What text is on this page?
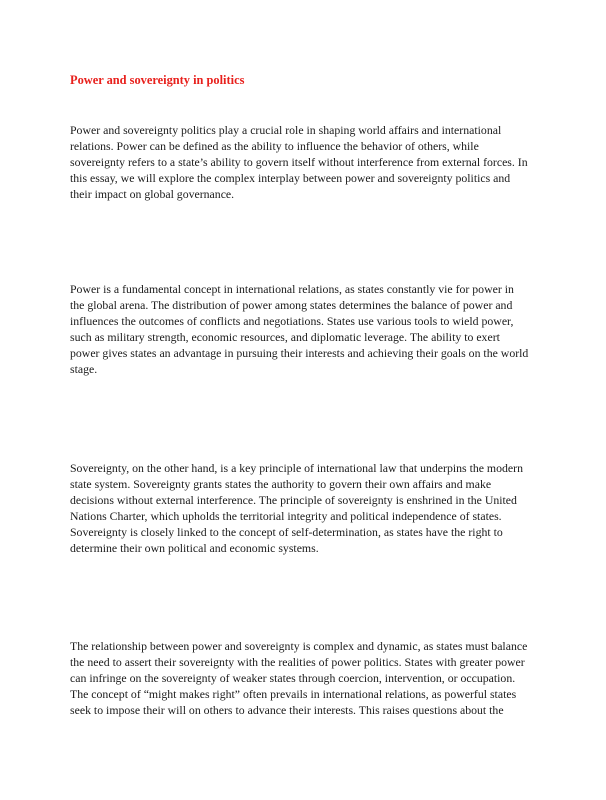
Power and sovereignty in politics

Power and sovereignty politics play a crucial role in shaping world affairs and international
relations. Power can be defined as the ability to influence the behavior of others, while
sovereignty refers to a state’s ability to govern itself without interference from external forces. In
this essay, we will explore the complex interplay between power and sovereignty politics and
their impact on global governance.

Power is a fundamental concept in international relations, as states constantly vie for power in
the global arena. The distribution of power among states determines the balance of power and
influences the outcomes of conflicts and negotiations. States use various tools to wield power,
such as military strength, economic resources, and diplomatic leverage. The ability to exert
power gives states an advantage in pursuing their interests and achieving their goals on the world
stage.

Sovereignty, on the other hand, is a key principle of international law that underpins the modern
state system. Sovereignty grants states the authority to govern their own affairs and make
decisions without external interference. The principle of sovereignty is enshrined in the United
Nations Charter, which upholds the territorial integrity and political independence of states.
Sovereignty is closely linked to the concept of self-determination, as states have the right to
determine their own political and economic systems.

The relationship between power and sovereignty is complex and dynamic, as states must balance
the need to assert their sovereignty with the realities of power politics. States with greater power
can infringe on the sovereignty of weaker states through coercion, intervention, or occupation.
The concept of “might makes right” often prevails in international relations, as powerful states
seek to impose their will on others to advance their interests. This raises questions about the
